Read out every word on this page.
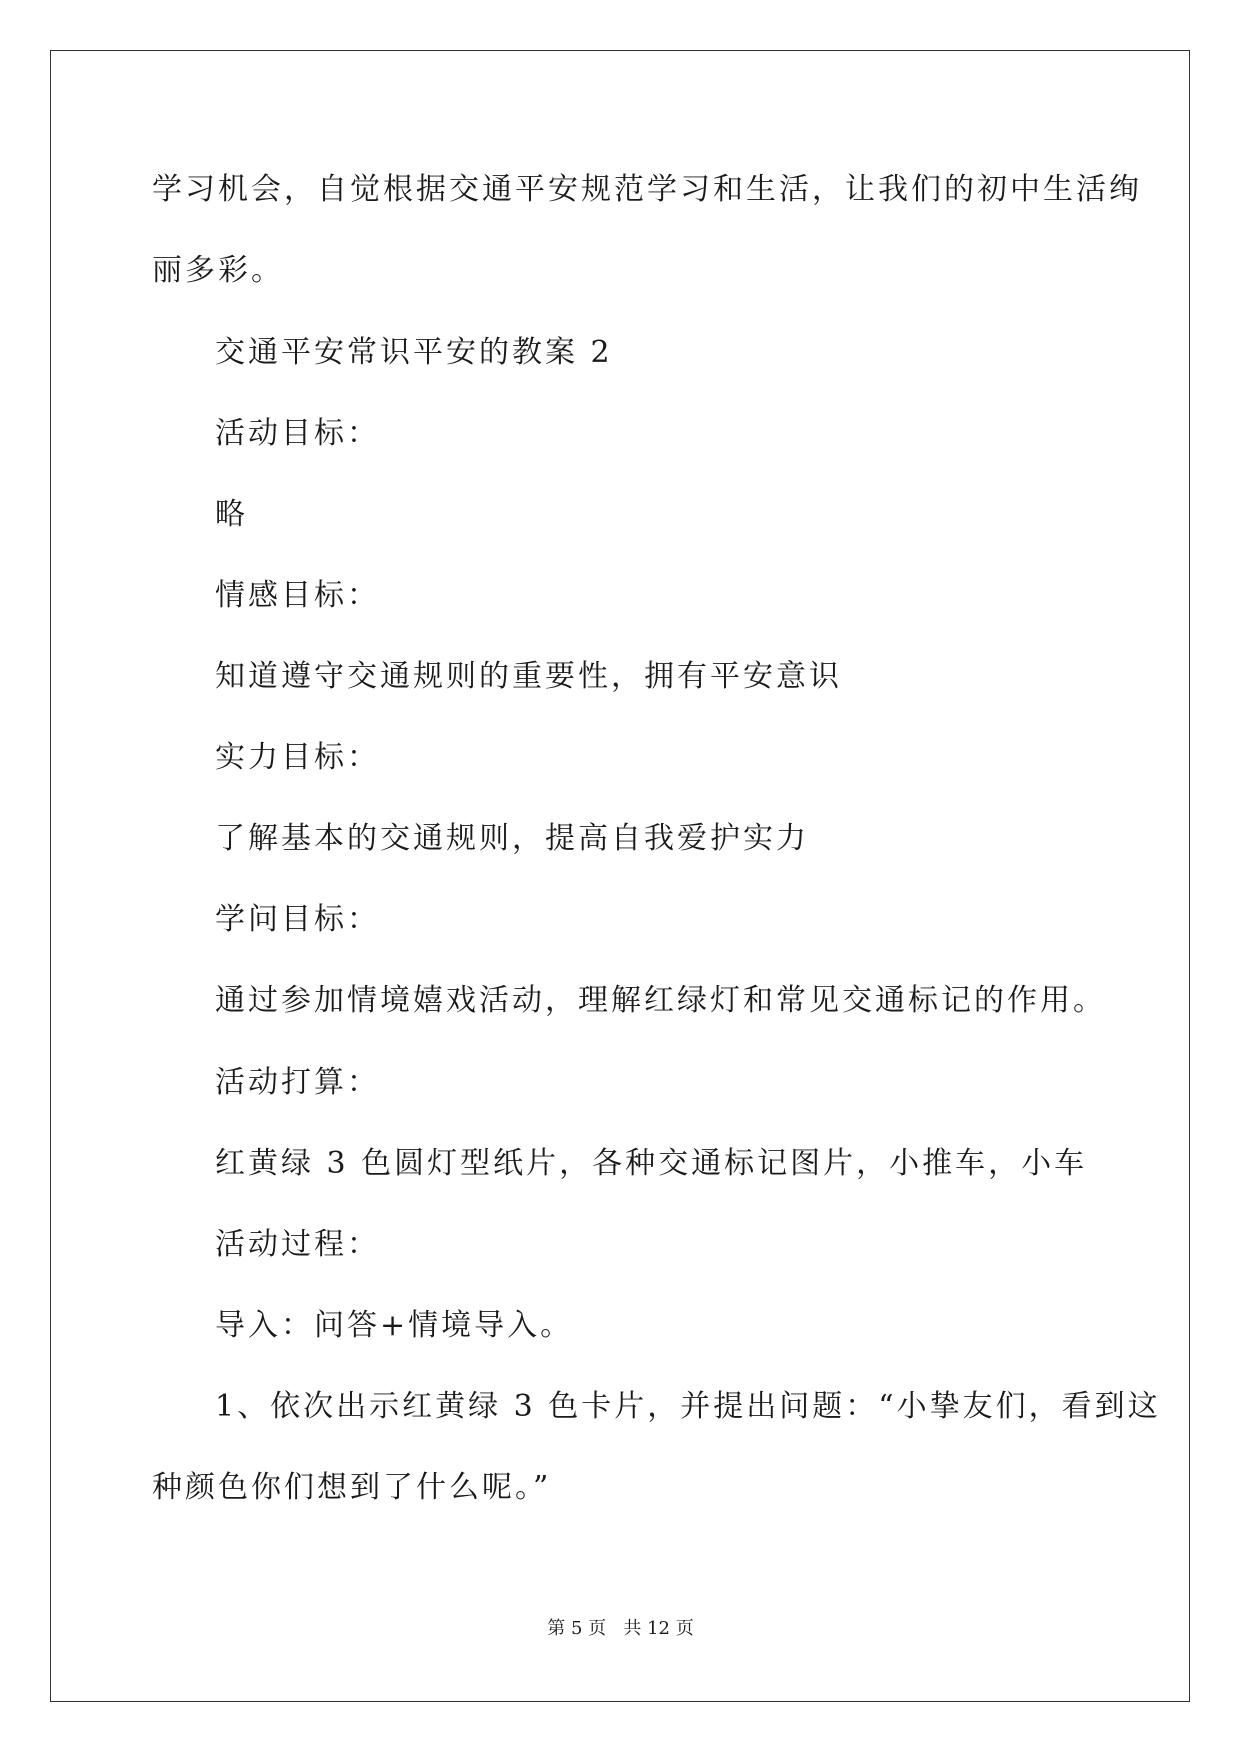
学习机会，自觉根据交通平安规范学习和生活，让我们的初中生活绚
丽多彩。
交通平安常识平安的教案 2
活动目标：
略
情感目标：
知道遵守交通规则的重要性，拥有平安意识
实力目标：
了解基本的交通规则，提高自我爱护实力
学问目标：
通过参加情境嬉戏活动，理解红绿灯和常见交通标记的作用。
活动打算：
红黄绿 3 色圆灯型纸片，各种交通标记图片，小推车，小车
活动过程：
导入：问答+情境导入。
1、依次出示红黄绿 3 色卡片，并提出问题：“小挚友们，看到这
种颜色你们想到了什么呢。”
第 5 页   共 12 页
